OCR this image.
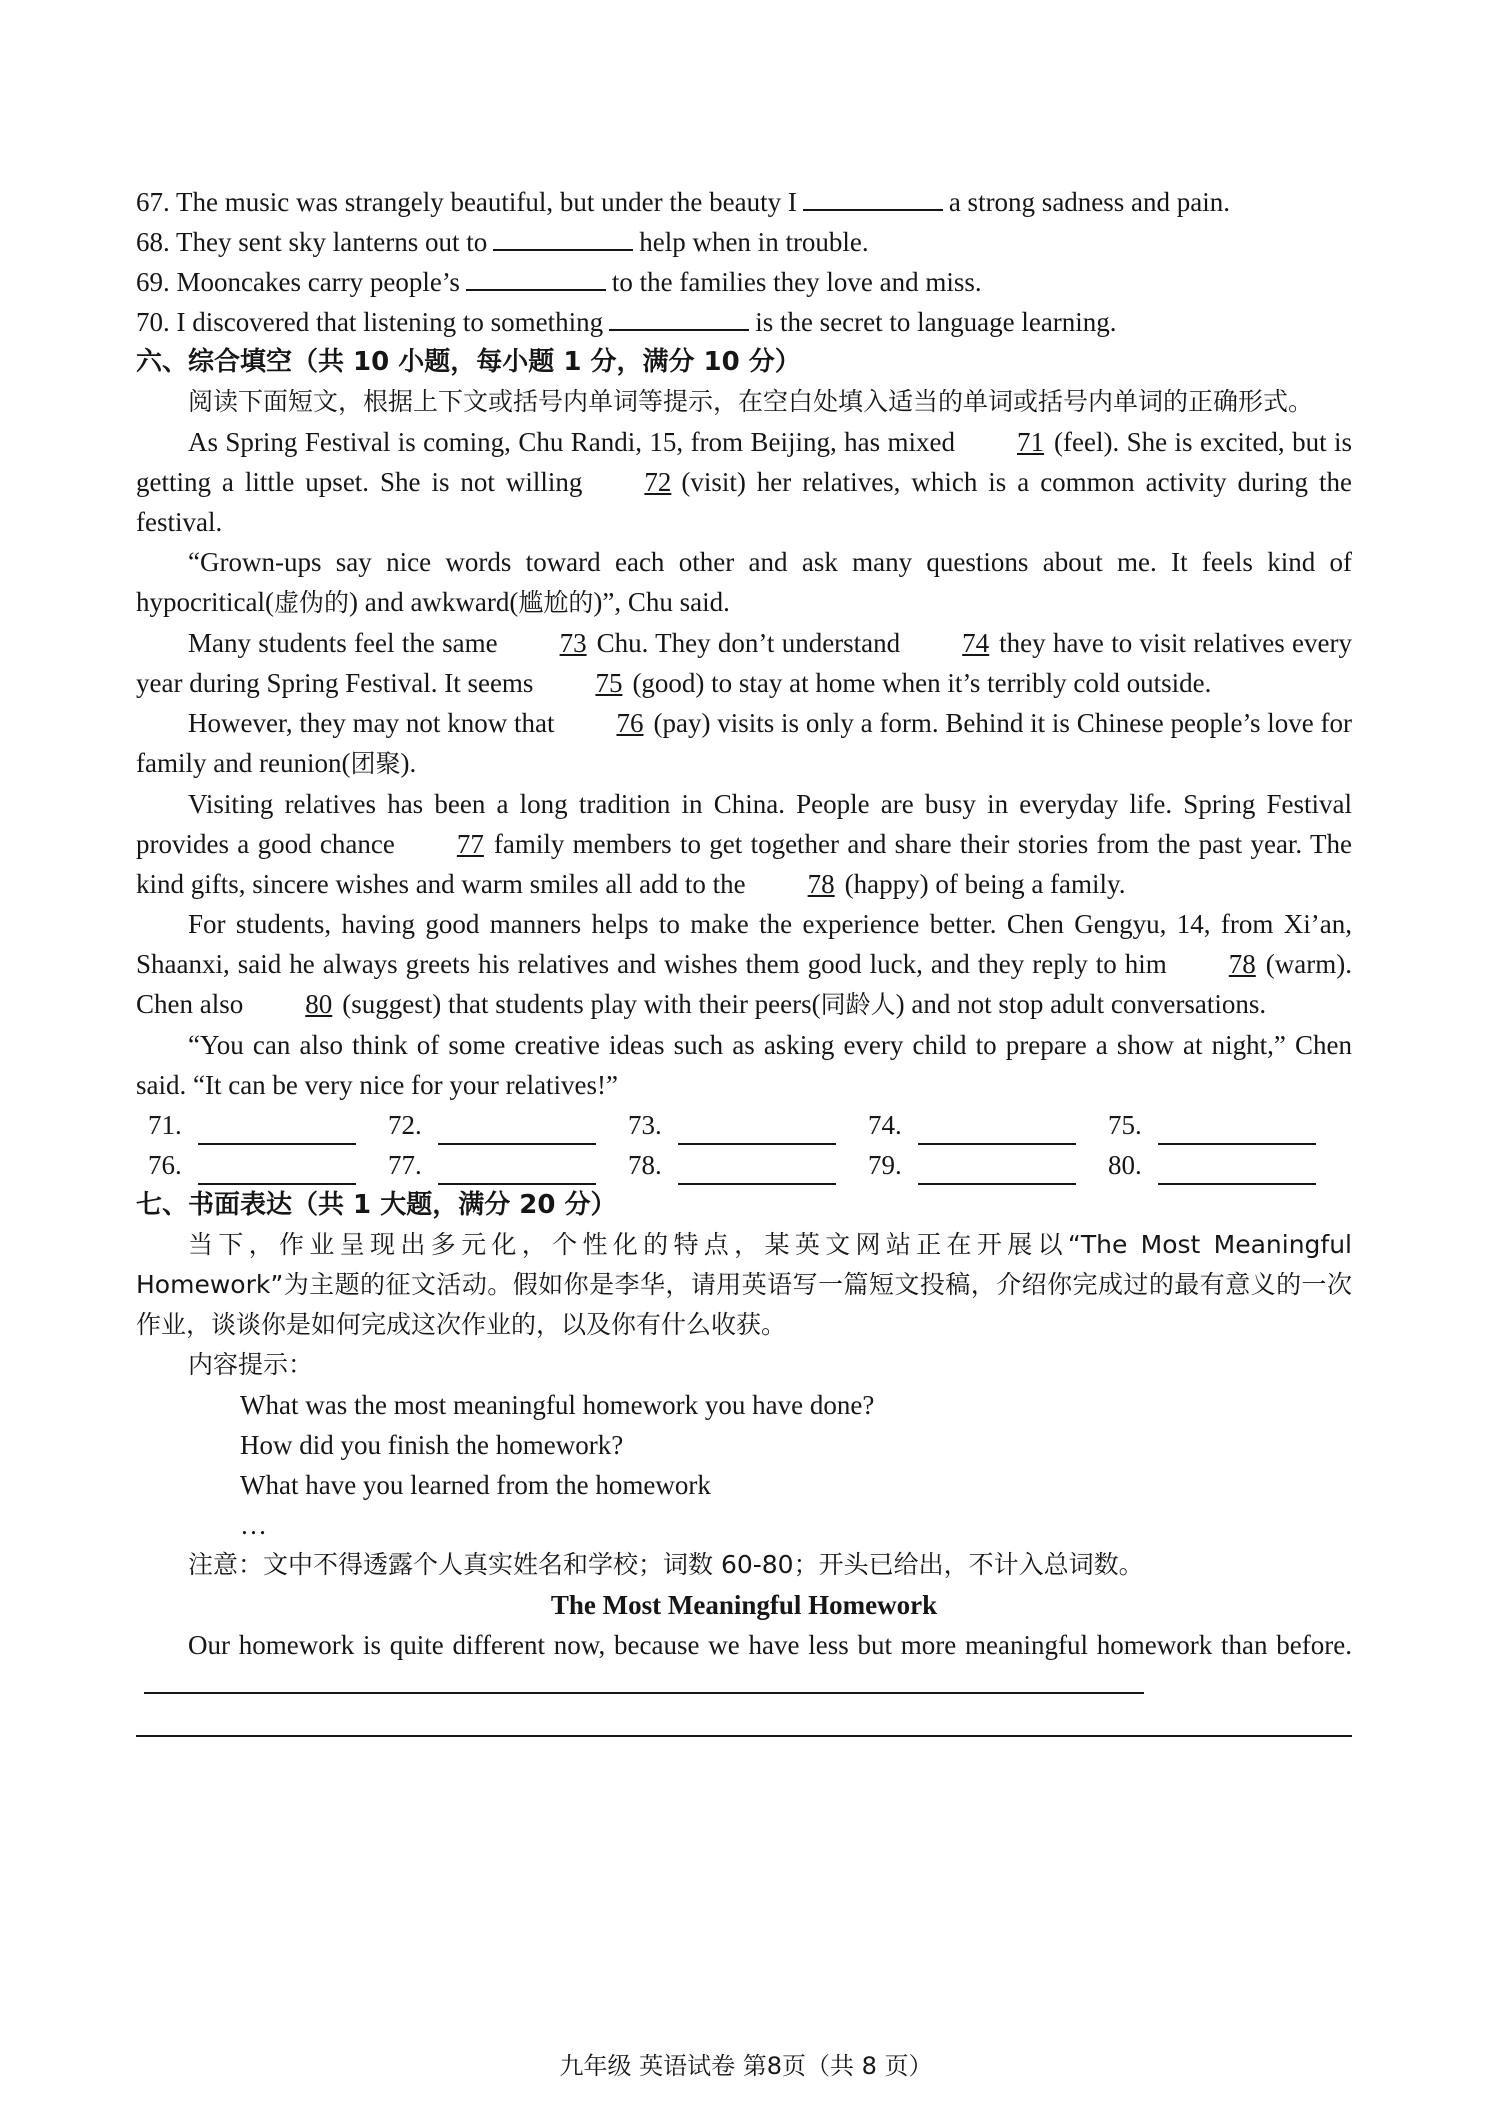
67. The music was strangely beautiful, but under the beauty I	a strong sadness and pain.
68. They sent sky lanterns out to	help when in trouble.
69. Mooncakes carry people’s	to the families they love and miss.
70. I discovered that listening to something	is the secret to language learning.
六、综合填空（共 10 小题，每小题 1 分，满分 10 分）
阅读下面短文，根据上下文或括号内单词等提示，在空白处填入适当的单词或括号内单词的正确形式。
As Spring Festival is coming, Chu Randi, 15, from Beijing, has mixed 71 (feel). She is excited, but is getting a little upset. She is not willing 72 (visit) her relatives, which is a common activity during the festival.
“Grown-ups say nice words toward each other and ask many questions about me. It feels kind of hypocritical(虚伪的) and awkward(尴尬的)”, Chu said.
Many students feel the same 73 Chu. They don’t understand 74 they have to visit relatives every year during Spring Festival. It seems 75 (good) to stay at home when it’s terribly cold outside.
However, they may not know that 76 (pay) visits is only a form. Behind it is Chinese people’s love for family and reunion(团聚).
Visiting relatives has been a long tradition in China. People are busy in everyday life. Spring Festival provides a good chance 77 family members to get together and share their stories from the past year. The kind gifts, sincere wishes and warm smiles all add to the 78 (happy) of being a family.
For students, having good manners helps to make the experience better. Chen Gengyu, 14, from Xi’an, Shaanxi, said he always greets his relatives and wishes them good luck, and they reply to him 78 (warm). Chen also 80 (suggest) that students play with their peers(同龄人) and not stop adult conversations.
“You can also think of some creative ideas such as asking every child to prepare a show at night,” Chen said. “It can be very nice for your relatives!”
71.	72.	73.	74.	75.
76.	77.	78.	79.	80.
七、书面表达（共 1 大题，满分 20 分）
当下，作业呈现出多元化，个性化的特点，某英文网站正在开展以“The Most Meaningful Homework”为主题的征文活动。假如你是李华，请用英语写一篇短文投稿，介绍你完成过的最有意义的一次作业，谈谈你是如何完成这次作业的，以及你有什么收获。
内容提示：
What was the most meaningful homework you have done?
How did you finish the homework?
What have you learned from the homework
…
注意：文中不得透露个人真实姓名和学校；词数 60-80；开头已给出，不计入总词数。
The Most Meaningful Homework
Our homework is quite different now, because we have less but more meaningful homework than before.
九年级 英语试卷 第8页（共 8 页）
